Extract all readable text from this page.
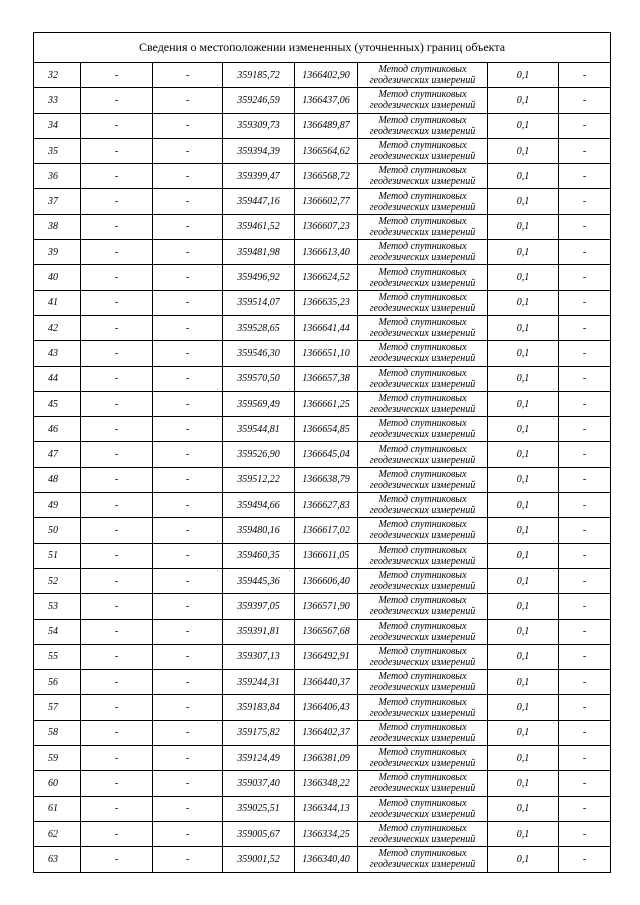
Сведения о местоположении измененных (уточненных) границ объекта							
32	-	-	359185,72	1366402,90	Метод спутниковых
геодезических измерений	0,1	-
33	-	-	359246,59	1366437,06	Метод спутниковых
геодезических измерений	0,1	-
34	-	-	359309,73	1366489,87	Метод спутниковых
геодезических измерений	0,1	-
35	-	-	359394,39	1366564,62	Метод спутниковых
геодезических измерений	0,1	-
36	-	-	359399,47	1366568,72	Метод спутниковых
геодезических измерений	0,1	-
37	-	-	359447,16	1366602,77	Метод спутниковых
геодезических измерений	0,1	-
38	-	-	359461,52	1366607,23	Метод спутниковых
геодезических измерений	0,1	-
39	-	-	359481,98	1366613,40	Метод спутниковых
геодезических измерений	0,1	-
40	-	-	359496,92	1366624,52	Метод спутниковых
геодезических измерений	0,1	-
41	-	-	359514,07	1366635,23	Метод спутниковых
геодезических измерений	0,1	-
42	-	-	359528,65	1366641,44	Метод спутниковых
геодезических измерений	0,1	-
43	-	-	359546,30	1366651,10	Метод спутниковых
геодезических измерений	0,1	-
44	-	-	359570,50	1366657,38	Метод спутниковых
геодезических измерений	0,1	-
45	-	-	359569,49	1366661,25	Метод спутниковых
геодезических измерений	0,1	-
46	-	-	359544,81	1366654,85	Метод спутниковых
геодезических измерений	0,1	-
47	-	-	359526,90	1366645,04	Метод спутниковых
геодезических измерений	0,1	-
48	-	-	359512,22	1366638,79	Метод спутниковых
геодезических измерений	0,1	-
49	-	-	359494,66	1366627,83	Метод спутниковых
геодезических измерений	0,1	-
50	-	-	359480,16	1366617,02	Метод спутниковых
геодезических измерений	0,1	-
51	-	-	359460,35	1366611,05	Метод спутниковых
геодезических измерений	0,1	-
52	-	-	359445,36	1366606,40	Метод спутниковых
геодезических измерений	0,1	-
53	-	-	359397,05	1366571,90	Метод спутниковых
геодезических измерений	0,1	-
54	-	-	359391,81	1366567,68	Метод спутниковых
геодезических измерений	0,1	-
55	-	-	359307,13	1366492,91	Метод спутниковых
геодезических измерений	0,1	-
56	-	-	359244,31	1366440,37	Метод спутниковых
геодезических измерений	0,1	-
57	-	-	359183,84	1366406,43	Метод спутниковых
геодезических измерений	0,1	-
58	-	-	359175,82	1366402,37	Метод спутниковых
геодезических измерений	0,1	-
59	-	-	359124,49	1366381,09	Метод спутниковых
геодезических измерений	0,1	-
60	-	-	359037,40	1366348,22	Метод спутниковых
геодезических измерений	0,1	-
61	-	-	359025,51	1366344,13	Метод спутниковых
геодезических измерений	0,1	-
62	-	-	359005,67	1366334,25	Метод спутниковых
геодезических измерений	0,1	-
63	-	-	359001,52	1366340,40	Метод спутниковых
геодезических измерений	0,1	-
